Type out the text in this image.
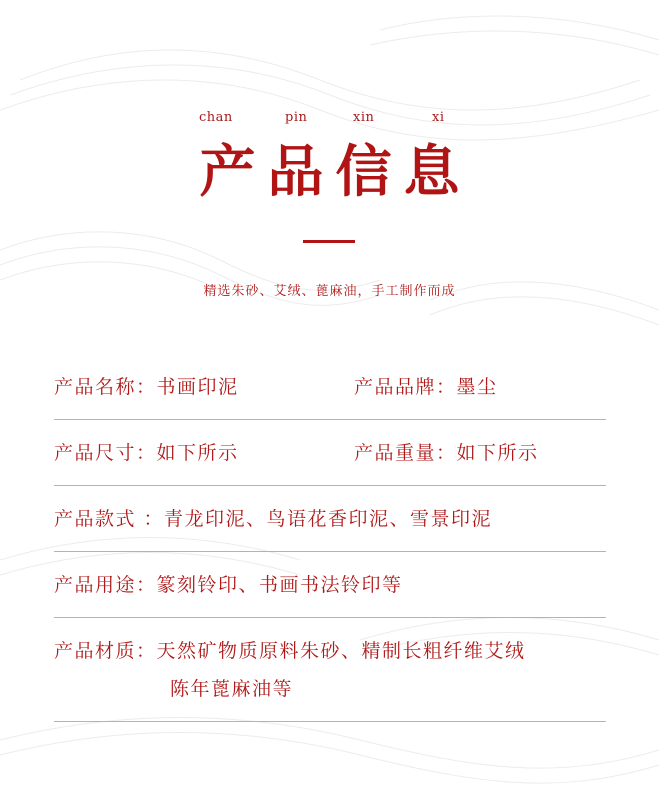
chan	pin	xin	xi
产品信息
精选朱砂、艾绒、蓖麻油，手工制作而成
产品名称：书画印泥	产品品牌：墨尘
产品尺寸：如下所示	产品重量：如下所示
产品款式 ：青龙印泥、鸟语花香印泥、雪景印泥
产品用途：篆刻铃印、书画书法铃印等
产品材质：天然矿物质原料朱砂、精制长粗纤维艾绒
陈年蓖麻油等
